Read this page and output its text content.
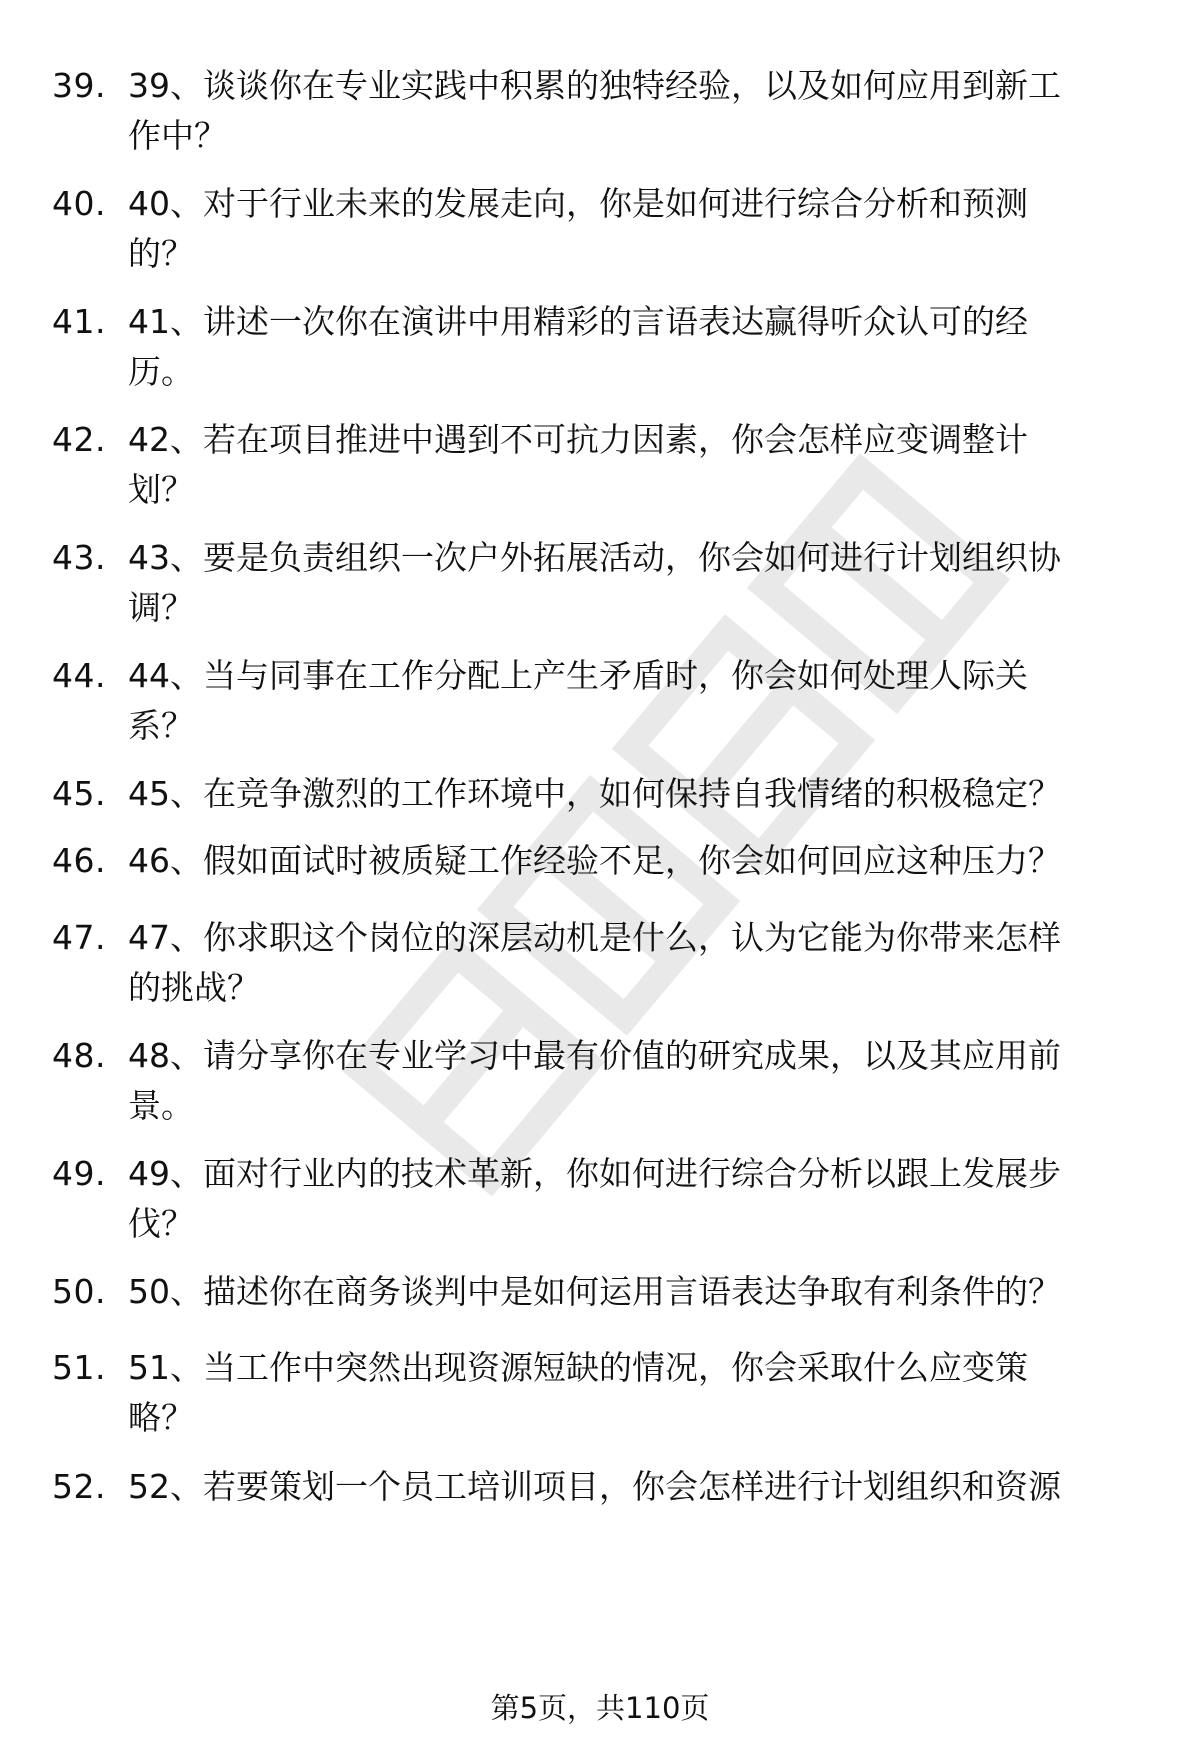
39. 39、谈谈你在专业实践中积累的独特经验，以及如何应用到新工
作中？
40. 40、对于行业未来的发展走向，你是如何进行综合分析和预测
的？
41. 41、讲述一次你在演讲中用精彩的言语表达赢得听众认可的经
历。
42. 42、若在项目推进中遇到不可抗力因素，你会怎样应变调整计
划？
43. 43、要是负责组织一次户外拓展活动，你会如何进行计划组织协
调？
44. 44、当与同事在工作分配上产生矛盾时，你会如何处理人际关
系？
45. 45、在竞争激烈的工作环境中，如何保持自我情绪的积极稳定？
46. 46、假如面试时被质疑工作经验不足，你会如何回应这种压力？
47. 47、你求职这个岗位的深层动机是什么，认为它能为你带来怎样
的挑战？
48. 48、请分享你在专业学习中最有价值的研究成果，以及其应用前
景。
49. 49、面对行业内的技术革新，你如何进行综合分析以跟上发展步
伐？
50. 50、描述你在商务谈判中是如何运用言语表达争取有利条件的？
51. 51、当工作中突然出现资源短缺的情况，你会采取什么应变策
略？
52. 52、若要策划一个员工培训项目，你会怎样进行计划组织和资源
第5页，共110页
